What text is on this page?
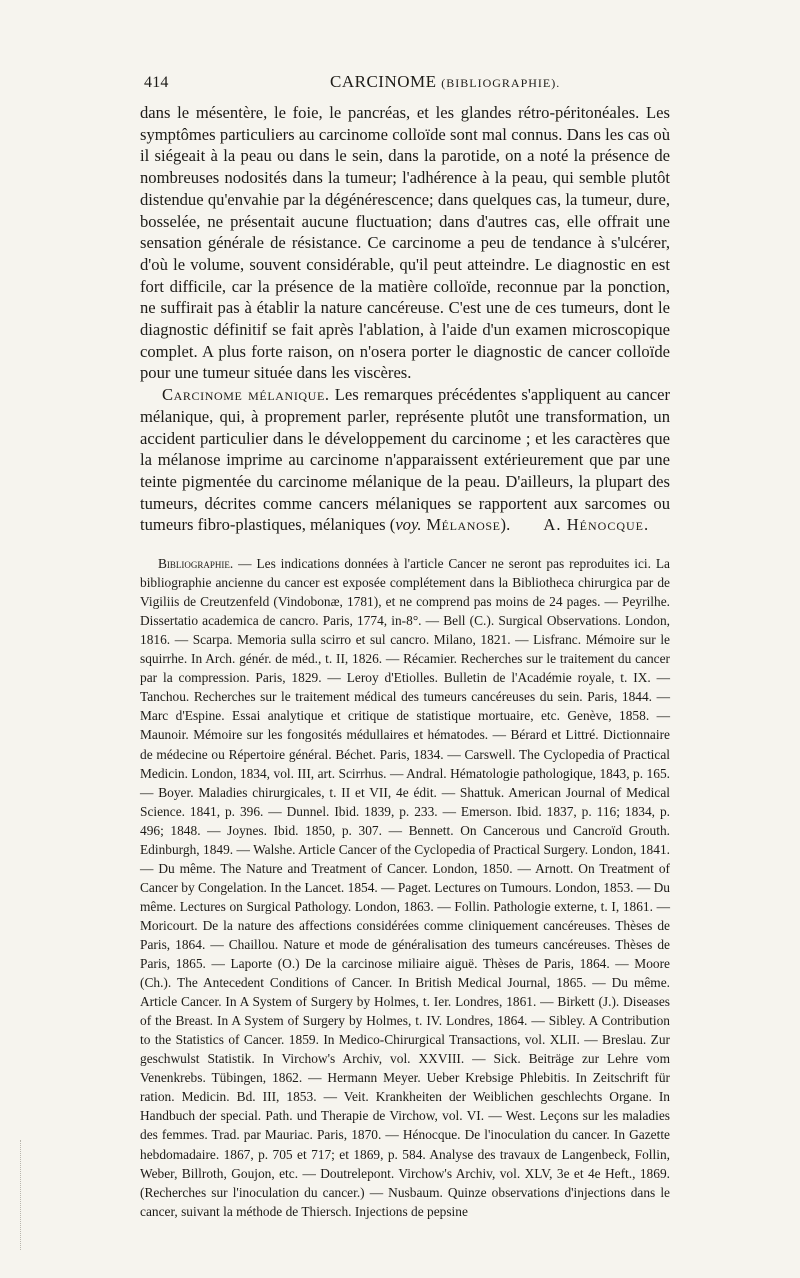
414	CARCINOME (BIBLIOGRAPHIE).

dans le mésentère, le foie, le pancréas, et les glandes rétro-péritonéales. Les symptômes particuliers au carcinome colloïde sont mal connus. Dans les cas où il siégeait à la peau ou dans le sein, dans la parotide, on a noté la présence de nombreuses nodosités dans la tumeur; l'adhérence à la peau, qui semble plutôt distendue qu'envahie par la dégénérescence; dans quelques cas, la tumeur, dure, bosselée, ne présentait aucune fluctuation; dans d'autres cas, elle offrait une sensation générale de résistance. Ce carcinome a peu de tendance à s'ulcérer, d'où le volume, souvent considérable, qu'il peut atteindre. Le diagnostic en est fort difficile, car la présence de la matière colloïde, reconnue par la ponction, ne suffirait pas à établir la nature cancéreuse. C'est une de ces tumeurs, dont le diagnostic définitif se fait après l'ablation, à l'aide d'un examen microscopique complet. A plus forte raison, on n'osera porter le diagnostic de cancer colloïde pour une tumeur située dans les viscères.

Carcinome mélanique. Les remarques précédentes s'appliquent au cancer mélanique, qui, à proprement parler, représente plutôt une transformation, un accident particulier dans le développement du carcinome ; et les caractères que la mélanose imprime au carcinome n'apparaissent extérieurement que par une teinte pigmentée du carcinome mélanique de la peau. D'ailleurs, la plupart des tumeurs, décrites comme cancers mélaniques se rapportent aux sarcomes ou tumeurs fibro-plastiques, mélaniques (voy. Mélanose). A. Hénocque.

Bibliographie. — Les indications données à l'article Cancer ne seront pas reproduites ici. La bibliographie ancienne du cancer est exposée complétement dans la Bibliotheca chirurgica par de Vigiliis de Creutzenfeld (Vindobonæ, 1781), et ne comprend pas moins de 24 pages. — Peyrilhe. Dissertatio academica de cancro. Paris, 1774, in-8°. — Bell (C.). Surgical Observations. London, 1816. — Scarpa. Memoria sulla scirro et sul cancro. Milano, 1821. — Lisfranc. Mémoire sur le squirrhe. In Arch. génér. de méd., t. II, 1826. — Récamier. Recherches sur le traitement du cancer par la compression. Paris, 1829. — Leroy d'Etiolles. Bulletin de l'Académie royale, t. IX. — Tanchou. Recherches sur le traitement médical des tumeurs cancéreuses du sein. Paris, 1844. — Marc d'Espine. Essai analytique et critique de statistique mortuaire, etc. Genève, 1858. — Maunoir. Mémoire sur les fongosités médullaires et hématodes. — Bérard et Littré. Dictionnaire de médecine ou Répertoire général. Béchet. Paris, 1834. — Carswell. The Cyclopedia of Practical Medicin. London, 1834, vol. III, art. Scirrhus. — Andral. Hématologie pathologique, 1843, p. 165. — Boyer. Maladies chirurgicales, t. II et VII, 4e édit. — Shattuk. American Journal of Medical Science. 1841, p. 396. — Dunnel. Ibid. 1839, p. 233. — Emerson. Ibid. 1837, p. 116; 1834, p. 496; 1848. — Joynes. Ibid. 1850, p. 307. — Bennett. On Cancerous und Cancroïd Grouth. Edinburgh, 1849. — Walshe. Article Cancer of the Cyclopedia of Practical Surgery. London, 1841. — Du même. The Nature and Treatment of Cancer. London, 1850. — Arnott. On Treatment of Cancer by Congelation. In the Lancet. 1854. — Paget. Lectures on Tumours. London, 1853. — Du même. Lectures on Surgical Pathology. London, 1863. — Follin. Pathologie externe, t. I, 1861. — Moricourt. De la nature des affections considérées comme cliniquement cancéreuses. Thèses de Paris, 1864. — Chaillou. Nature et mode de généralisation des tumeurs cancéreuses. Thèses de Paris, 1865. — Laporte (O.) De la carcinose miliaire aiguë. Thèses de Paris, 1864. — Moore (Ch.). The Antecedent Conditions of Cancer. In British Medical Journal, 1865. — Du même. Article Cancer. In A System of Surgery by Holmes, t. Ier. Londres, 1861. — Birkett (J.). Diseases of the Breast. In A System of Surgery by Holmes, t. IV. Londres, 1864. — Sibley. A Contribution to the Statistics of Cancer. 1859. In Medico-Chirurgical Transactions, vol. XLII. — Breslau. Zur geschwulst Statistik. In Virchow's Archiv, vol. XXVIII. — Sick. Beiträge zur Lehre vom Venenkrebs. Tübingen, 1862. — Hermann Meyer. Ueber Krebsige Phlebitis. In Zeitschrift für ration. Medicin. Bd. III, 1853. — Veit. Krankheiten der Weiblichen geschlechts Organe. In Handbuch der special. Path. und Therapie de Virchow, vol. VI. — West. Leçons sur les maladies des femmes. Trad. par Mauriac. Paris, 1870. — Hénocque. De l'inoculation du cancer. In Gazette hebdomadaire. 1867, p. 705 et 717; et 1869, p. 584. Analyse des travaux de Langenbeck, Follin, Weber, Billroth, Goujon, etc. — Doutrelepont. Virchow's Archiv, vol. XLV, 3e et 4e Heft., 1869. (Recherches sur l'inoculation du cancer.) — Nusbaum. Quinze observations d'injections dans le cancer, suivant la méthode de Thiersch. Injections de pepsine
